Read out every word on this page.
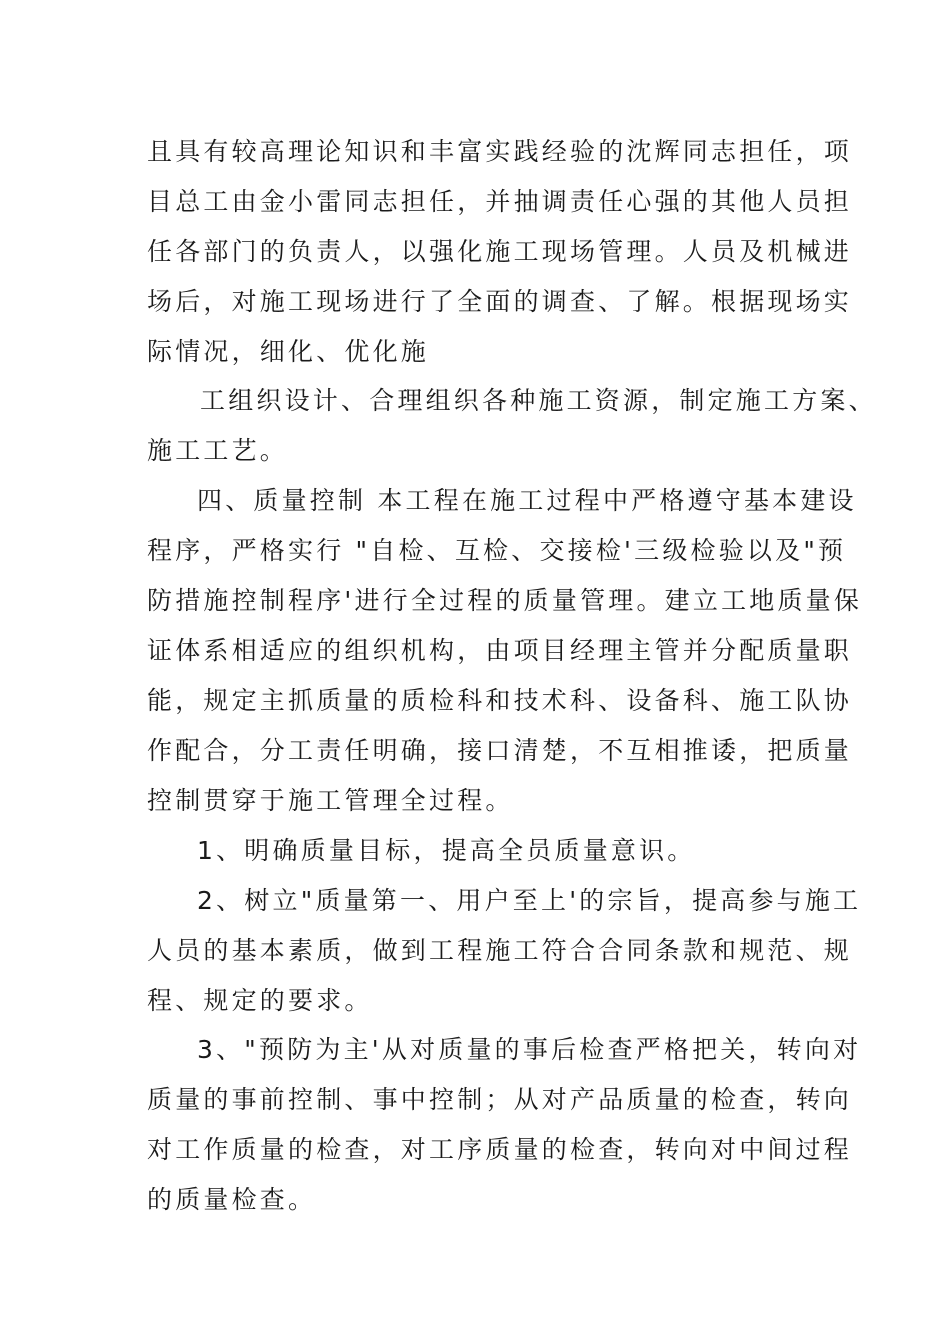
且具有较高理论知识和丰富实践经验的沈辉同志担任，项
目总工由金小雷同志担任，并抽调责任心强的其他人员担
任各部门的负责人，以强化施工现场管理。人员及机械进
场后，对施工现场进行了全面的调查、了解。根据现场实
际情况，细化、优化施
工组织设计、合理组织各种施工资源，制定施工方案、
施工工艺。
四、质量控制 本工程在施工过程中严格遵守基本建设
程序，严格实行 "自检、互检、交接检'三级检验以及"预
防措施控制程序'进行全过程的质量管理。建立工地质量保
证体系相适应的组织机构，由项目经理主管并分配质量职
能，规定主抓质量的质检科和技术科、设备科、施工队协
作配合，分工责任明确，接口清楚，不互相推诿，把质量
控制贯穿于施工管理全过程。
1、明确质量目标，提高全员质量意识。
2、树立"质量第一、用户至上'的宗旨，提高参与施工
人员的基本素质，做到工程施工符合合同条款和规范、规
程、规定的要求。
3、"预防为主'从对质量的事后检查严格把关，转向对
质量的事前控制、事中控制；从对产品质量的检查，转向
对工作质量的检查，对工序质量的检查，转向对中间过程
的质量检查。
